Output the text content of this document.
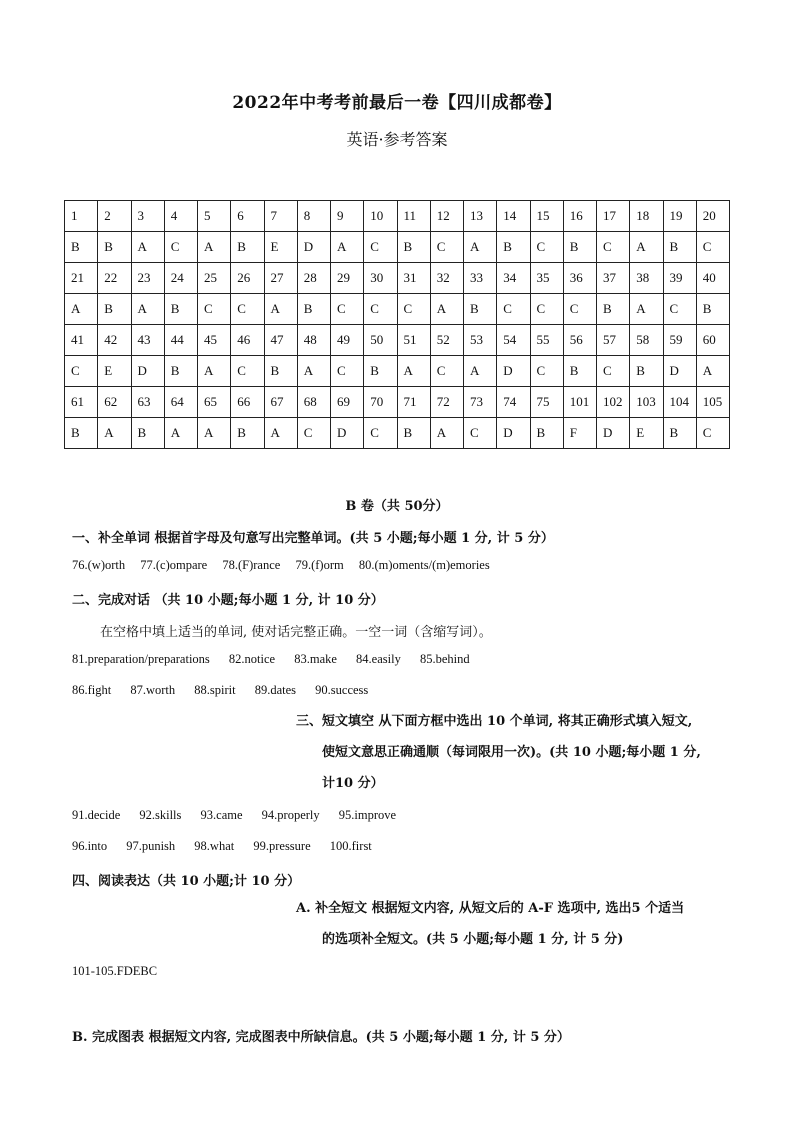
2022年中考考前最后一卷【四川成都卷】
英语·参考答案
1	2	3	4	5	6	7	8	9	10	11	12	13	14	15	16	17	18	19	20
B	B	A	C	A	B	E	D	A	C	B	C	A	B	C	B	C	A	B	C
21	22	23	24	25	26	27	28	29	30	31	32	33	34	35	36	37	38	39	40
A	B	A	B	C	C	A	B	C	C	C	A	B	C	C	C	B	A	C	B
41	42	43	44	45	46	47	48	49	50	51	52	53	54	55	56	57	58	59	60
C	E	D	B	A	C	B	A	C	B	A	C	A	D	C	B	C	B	D	A
61	62	63	64	65	66	67	68	69	70	71	72	73	74	75	101	102	103	104	105
B	A	B	A	A	B	A	C	D	C	B	A	C	D	B	F	D	E	B	C
B 卷（共 50分）
一、补全单词 根据首字母及句意写出完整单词。(共 5 小题;每小题 1 分, 计 5 分）
76.(w)orth 77.(c)ompare 78.(F)rance 79.(f)orm 80.(m)oments/(m)emories
二、完成对话 （共 10 小题;每小题 1 分, 计 10 分）
在空格中填上适当的单词, 使对话完整正确。一空一词（含缩写词）。
81.preparation/preparations 82.notice 83.make 84.easily 85.behind
86.fight 87.worth 88.spirit 89.dates 90.success
三、短文填空 从下面方框中选出 10 个单词, 将其正确形式填入短文,
使短文意思正确通顺（每词限用一次)。(共 10 小题;每小题 1 分,
计10 分）
91.decide 92.skills 93.came 94.properly 95.improve
96.into 97.punish 98.what 99.pressure 100.first
四、阅读表达（共 10 小题;计 10 分）
A. 补全短文 根据短文内容, 从短文后的 A-F 选项中, 选出5 个适当
的选项补全短文。(共 5 小题;每小题 1 分, 计 5 分)
101-105.FDEBC
B. 完成图表 根据短文内容, 完成图表中所缺信息。(共 5 小题;每小题 1 分, 计 5 分）
